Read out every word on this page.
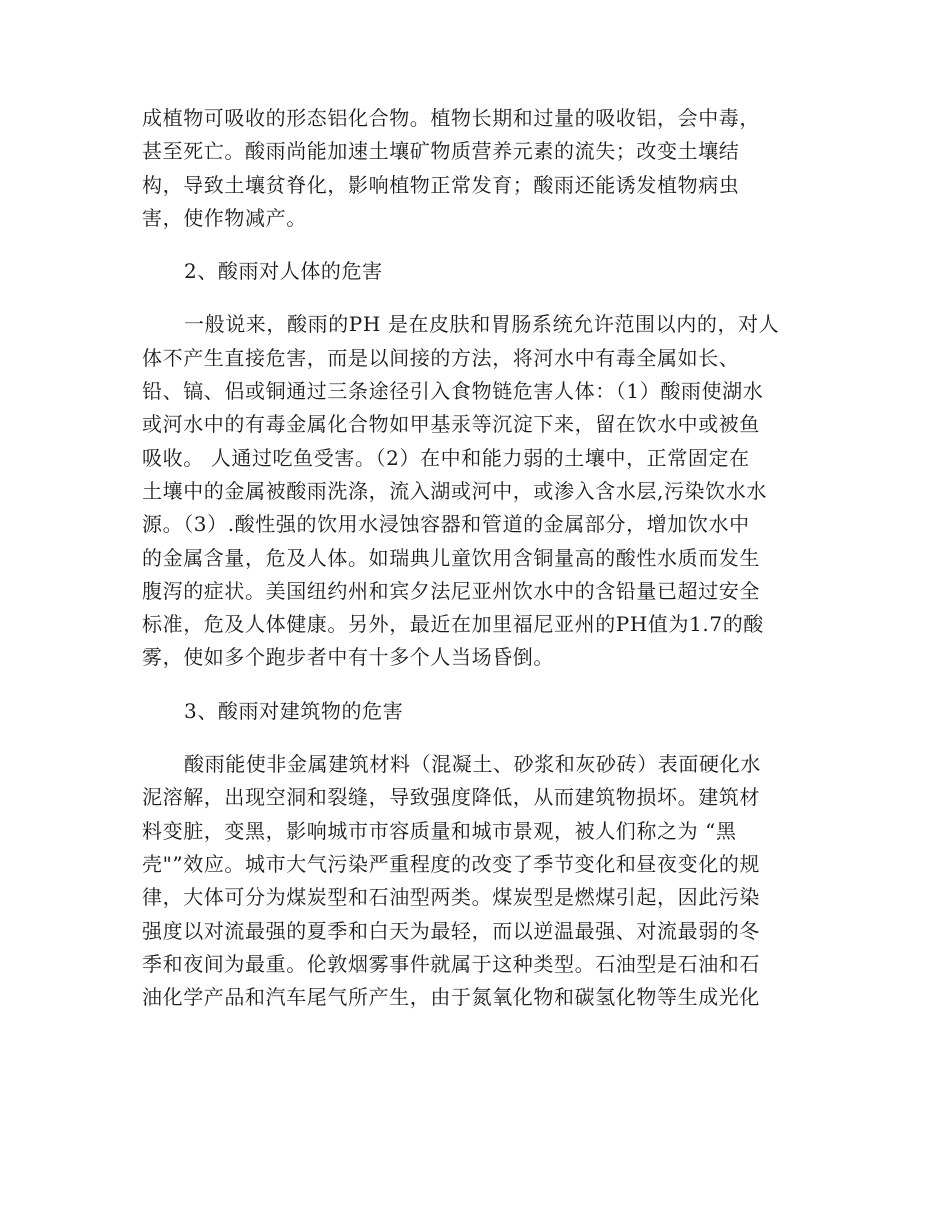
成植物可吸收的形态铝化合物。植物长期和过量的吸收铝，会中毒，
甚至死亡。酸雨尚能加速土壤矿物质营养元素的流失；改变土壤结
构，导致土壤贫脊化，影响植物正常发育；酸雨还能诱发植物病虫
害，使作物减产。
2、酸雨对人体的危害
一般说来，酸雨的PH 是在皮肤和胃肠系统允许范围以内的，对人
体不产生直接危害，而是以间接的方法，将河水中有毒全属如长、
铅、镐、侣或铜通过三条途径引入食物链危害人体：（1）酸雨使湖水
或河水中的有毒金属化合物如甲基汞等沉淀下来，留在饮水中或被鱼
吸收。 人通过吃鱼受害。（2）在中和能力弱的土壤中，正常固定在
土壤中的金属被酸雨洗涤，流入湖或河中，或渗入含水层,污染饮水水
源。（3）.酸性强的饮用水浸蚀容器和管道的金属部分，增加饮水中
的金属含量，危及人体。如瑞典儿童饮用含铜量高的酸性水质而发生
腹泻的症状。美国纽约州和宾夕法尼亚州饮水中的含铅量已超过安全
标准，危及人体健康。另外，最近在加里福尼亚州的PH值为1.7的酸
雾，使如多个跑步者中有十多个人当场昏倒。
3、酸雨对建筑物的危害
酸雨能使非金属建筑材料（混凝土、砂浆和灰砂砖）表面硬化水
泥溶解，出现空洞和裂缝，导致强度降低，从而建筑物损坏。建筑材
料变脏，变黑，影响城市市容质量和城市景观，被人们称之为 “黑
壳"”效应。城市大气污染严重程度的改变了季节变化和昼夜变化的规
律，大体可分为煤炭型和石油型两类。煤炭型是燃煤引起，因此污染
强度以对流最强的夏季和白天为最轻，而以逆温最强、对流最弱的冬
季和夜间为最重。伦敦烟雾事件就属于这种类型。石油型是石油和石
油化学产品和汽车尾气所产生，由于氮氧化物和碳氢化物等生成光化
